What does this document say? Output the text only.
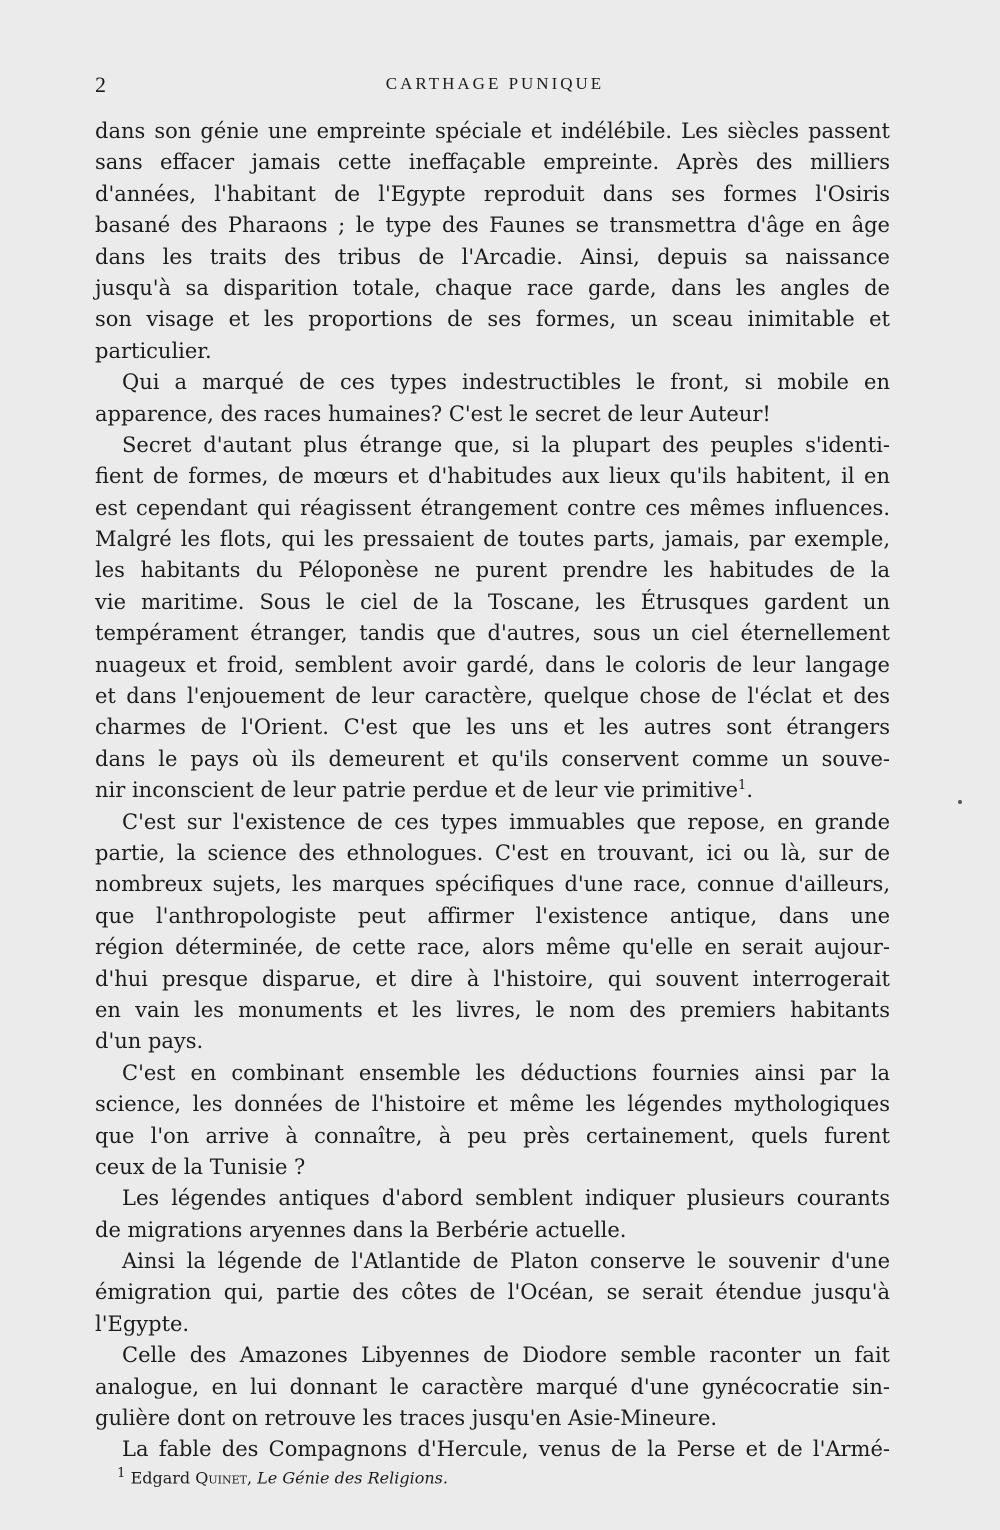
2	CARTHAGE PUNIQUE
dans son génie une empreinte spéciale et indélébile. Les siècles passent
sans effacer jamais cette ineffaçable empreinte. Après des milliers
d'années, l'habitant de l'Egypte reproduit dans ses formes l'Osiris
basané des Pharaons ; le type des Faunes se transmettra d'âge en âge
dans les traits des tribus de l'Arcadie. Ainsi, depuis sa naissance
jusqu'à sa disparition totale, chaque race garde, dans les angles de
son visage et les proportions de ses formes, un sceau inimitable et
particulier.
Qui a marqué de ces types indestructibles le front, si mobile en
apparence, des races humaines? C'est le secret de leur Auteur!
Secret d'autant plus étrange que, si la plupart des peuples s'identi-
fient de formes, de mœurs et d'habitudes aux lieux qu'ils habitent, il en
est cependant qui réagissent étrangement contre ces mêmes influences.
Malgré les flots, qui les pressaient de toutes parts, jamais, par exemple,
les habitants du Péloponèse ne purent prendre les habitudes de la
vie maritime. Sous le ciel de la Toscane, les Étrusques gardent un
tempérament étranger, tandis que d'autres, sous un ciel éternellement
nuageux et froid, semblent avoir gardé, dans le coloris de leur langage
et dans l'enjouement de leur caractère, quelque chose de l'éclat et des
charmes de l'Orient. C'est que les uns et les autres sont étrangers
dans le pays où ils demeurent et qu'ils conservent comme un souve-
nir inconscient de leur patrie perdue et de leur vie primitive$^1$.
C'est sur l'existence de ces types immuables que repose, en grande
partie, la science des ethnologues. C'est en trouvant, ici ou là, sur de
nombreux sujets, les marques spécifiques d'une race, connue d'ailleurs,
que l'anthropologiste peut affirmer l'existence antique, dans une
région déterminée, de cette race, alors même qu'elle en serait aujour-
d'hui presque disparue, et dire à l'histoire, qui souvent interrogerait
en vain les monuments et les livres, le nom des premiers habitants
d'un pays.
C'est en combinant ensemble les déductions fournies ainsi par la
science, les données de l'histoire et même les légendes mythologiques
que l'on arrive à connaître, à peu près certainement, quels furent
ceux de la Tunisie ?
Les légendes antiques d'abord semblent indiquer plusieurs courants
de migrations aryennes dans la Berbérie actuelle.
Ainsi la légende de l'Atlantide de Platon conserve le souvenir d'une
émigration qui, partie des côtes de l'Océan, se serait étendue jusqu'à
l'Egypte.
Celle des Amazones Libyennes de Diodore semble raconter un fait
analogue, en lui donnant le caractère marqué d'une gynécocratie sin-
gulière dont on retrouve les traces jusqu'en Asie-Mineure.
La fable des Compagnons d'Hercule, venus de la Perse et de l'Armé-
$^1$ Edgard Quinet, Le Génie des Religions.
